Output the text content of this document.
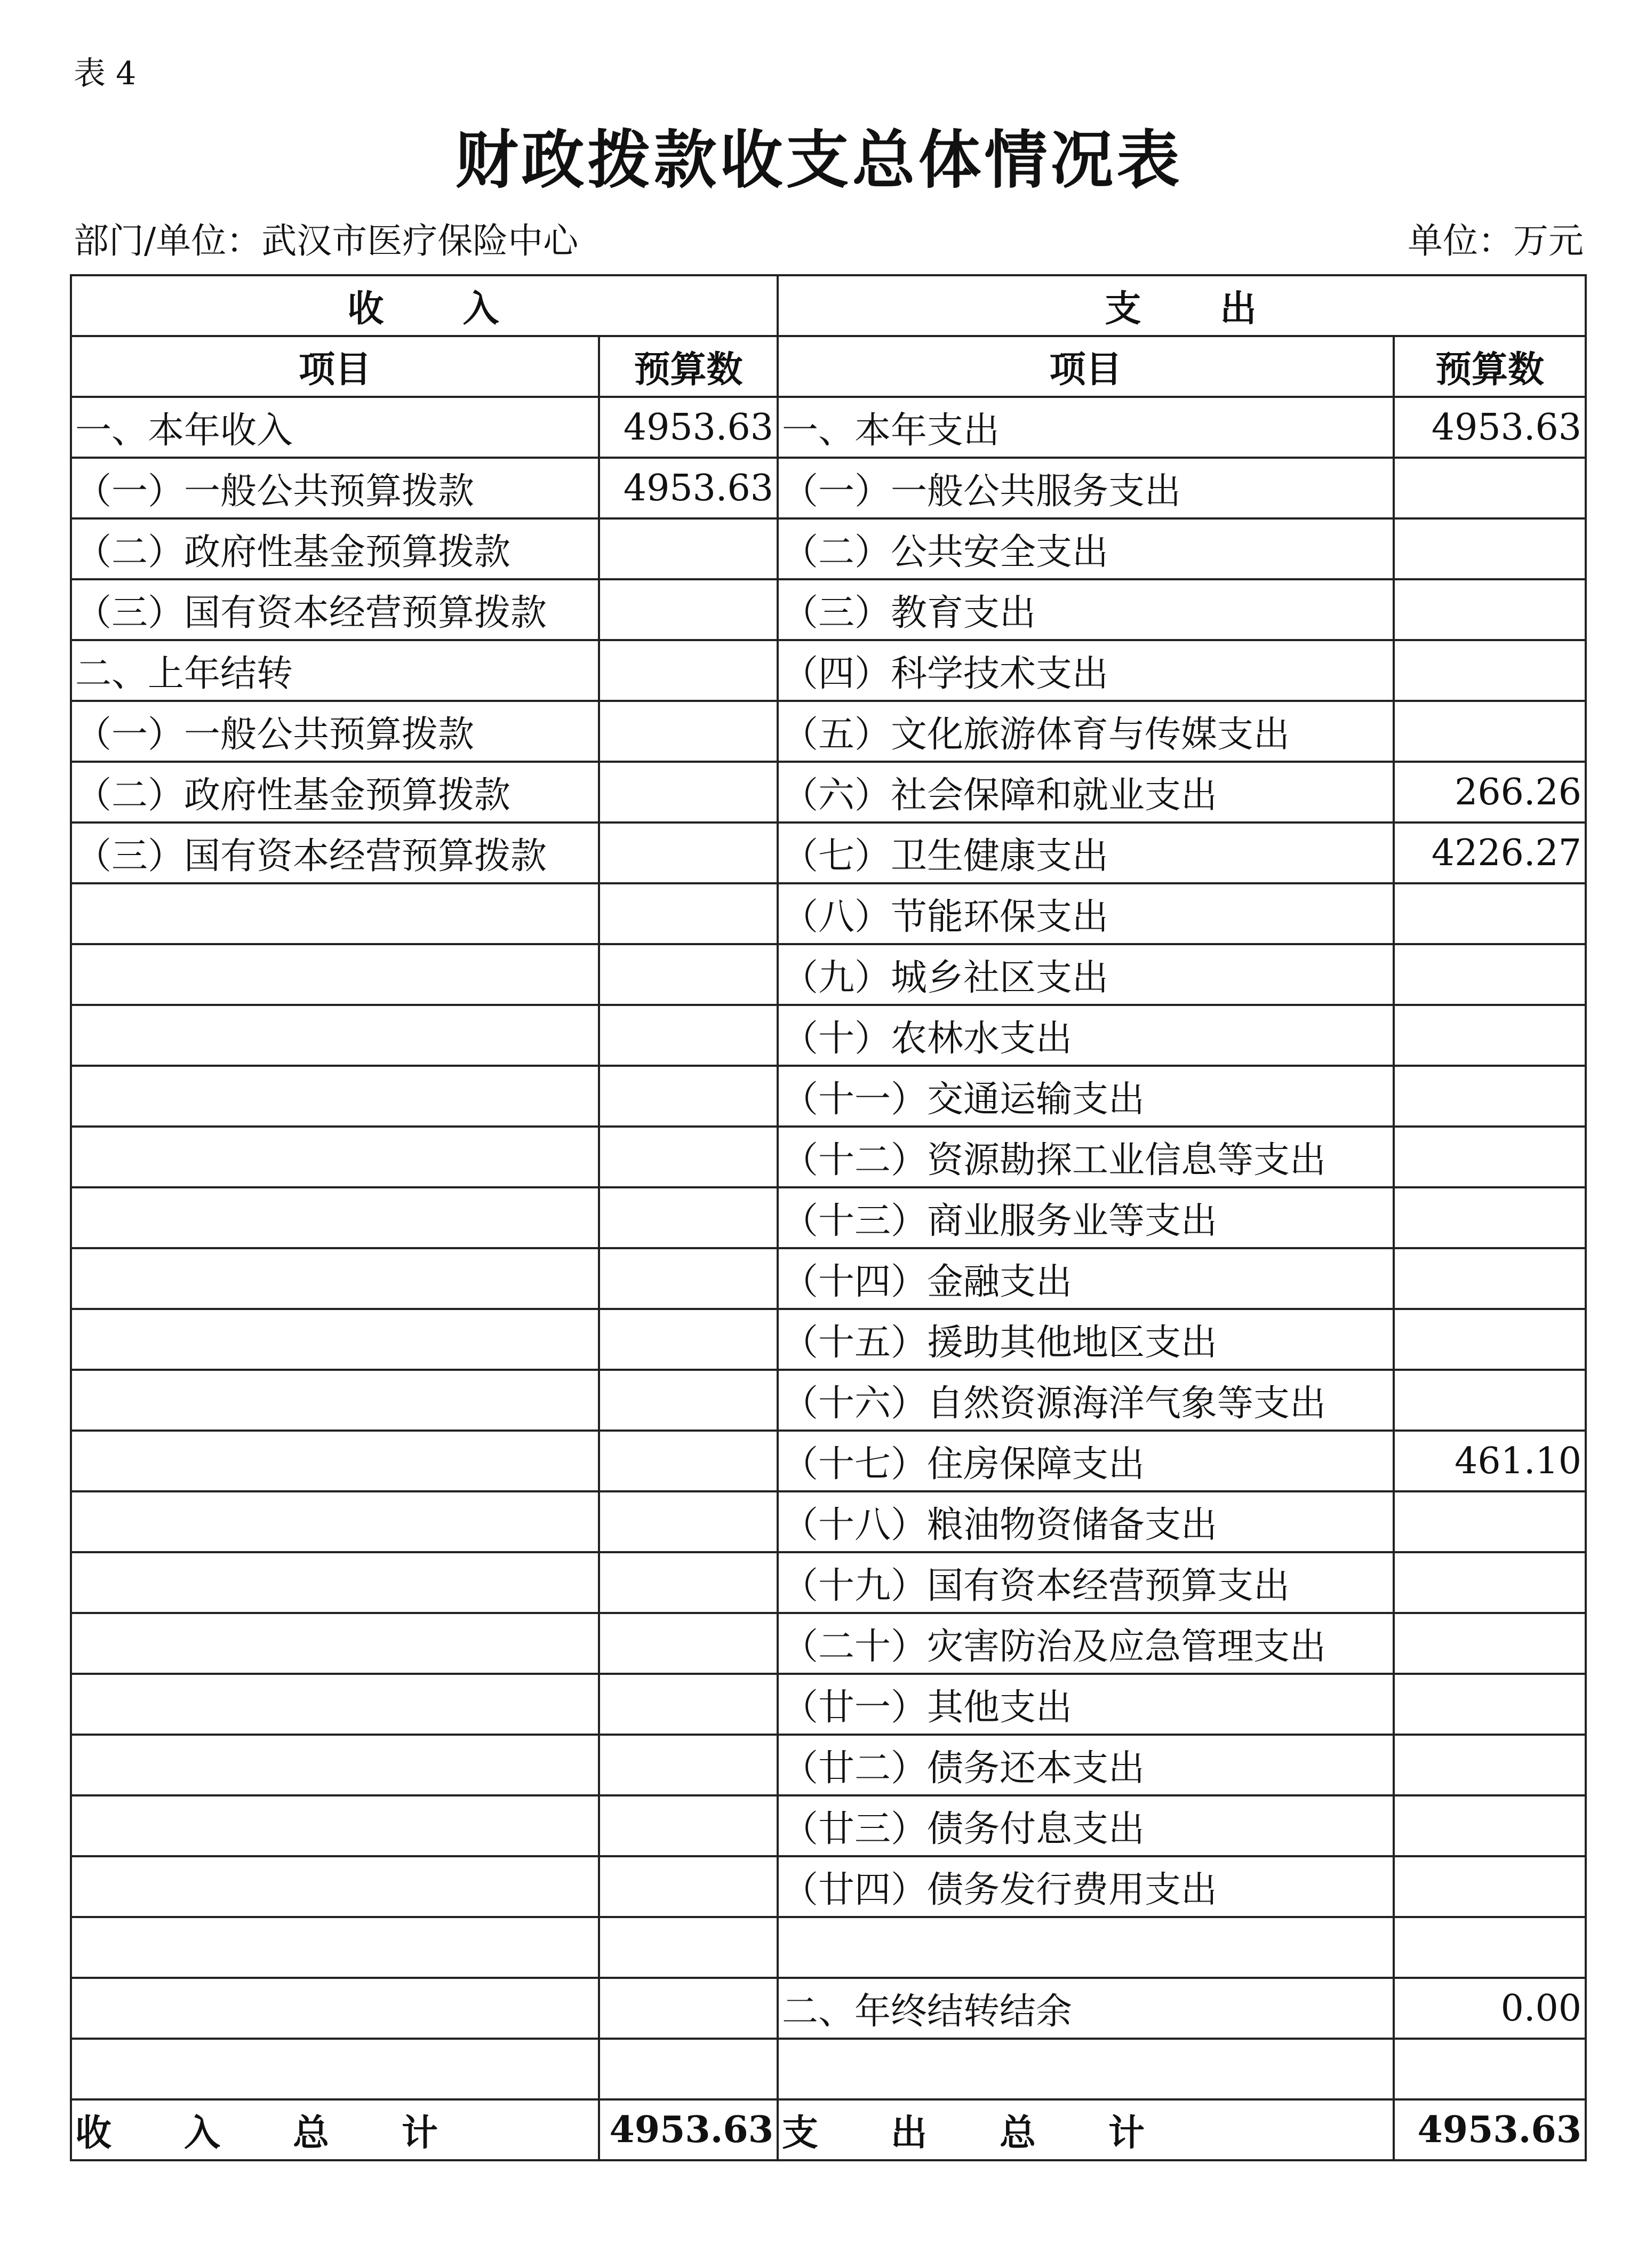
表 4
财政拨款收支总体情况表
部门/单位：武汉市医疗保险中心	单位：万元
收　　入		支　　出	
项目	预算数	项目	预算数
一、本年收入	4953.63	一、本年支出	4953.63
（一）一般公共预算拨款	4953.63	（一）一般公共服务支出	
（二）政府性基金预算拨款		（二）公共安全支出	
（三）国有资本经营预算拨款		（三）教育支出	
二、上年结转		（四）科学技术支出	
（一）一般公共预算拨款		（五）文化旅游体育与传媒支出	
（二）政府性基金预算拨款		（六）社会保障和就业支出	266.26
（三）国有资本经营预算拨款		（七）卫生健康支出	4226.27
		（八）节能环保支出	
		（九）城乡社区支出	
		（十）农林水支出	
		（十一）交通运输支出	
		（十二）资源勘探工业信息等支出	
		（十三）商业服务业等支出	
		（十四）金融支出	
		（十五）援助其他地区支出	
		（十六）自然资源海洋气象等支出	
		（十七）住房保障支出	461.10
		（十八）粮油物资储备支出	
		（十九）国有资本经营预算支出	
		（二十）灾害防治及应急管理支出	
		（廿一）其他支出	
		（廿二）债务还本支出	
		（廿三）债务付息支出	
		（廿四）债务发行费用支出	

		二、年终结转结余	0.00

收　　入　　总　　计	4953.63	支　　出　　总　　计	4953.63
